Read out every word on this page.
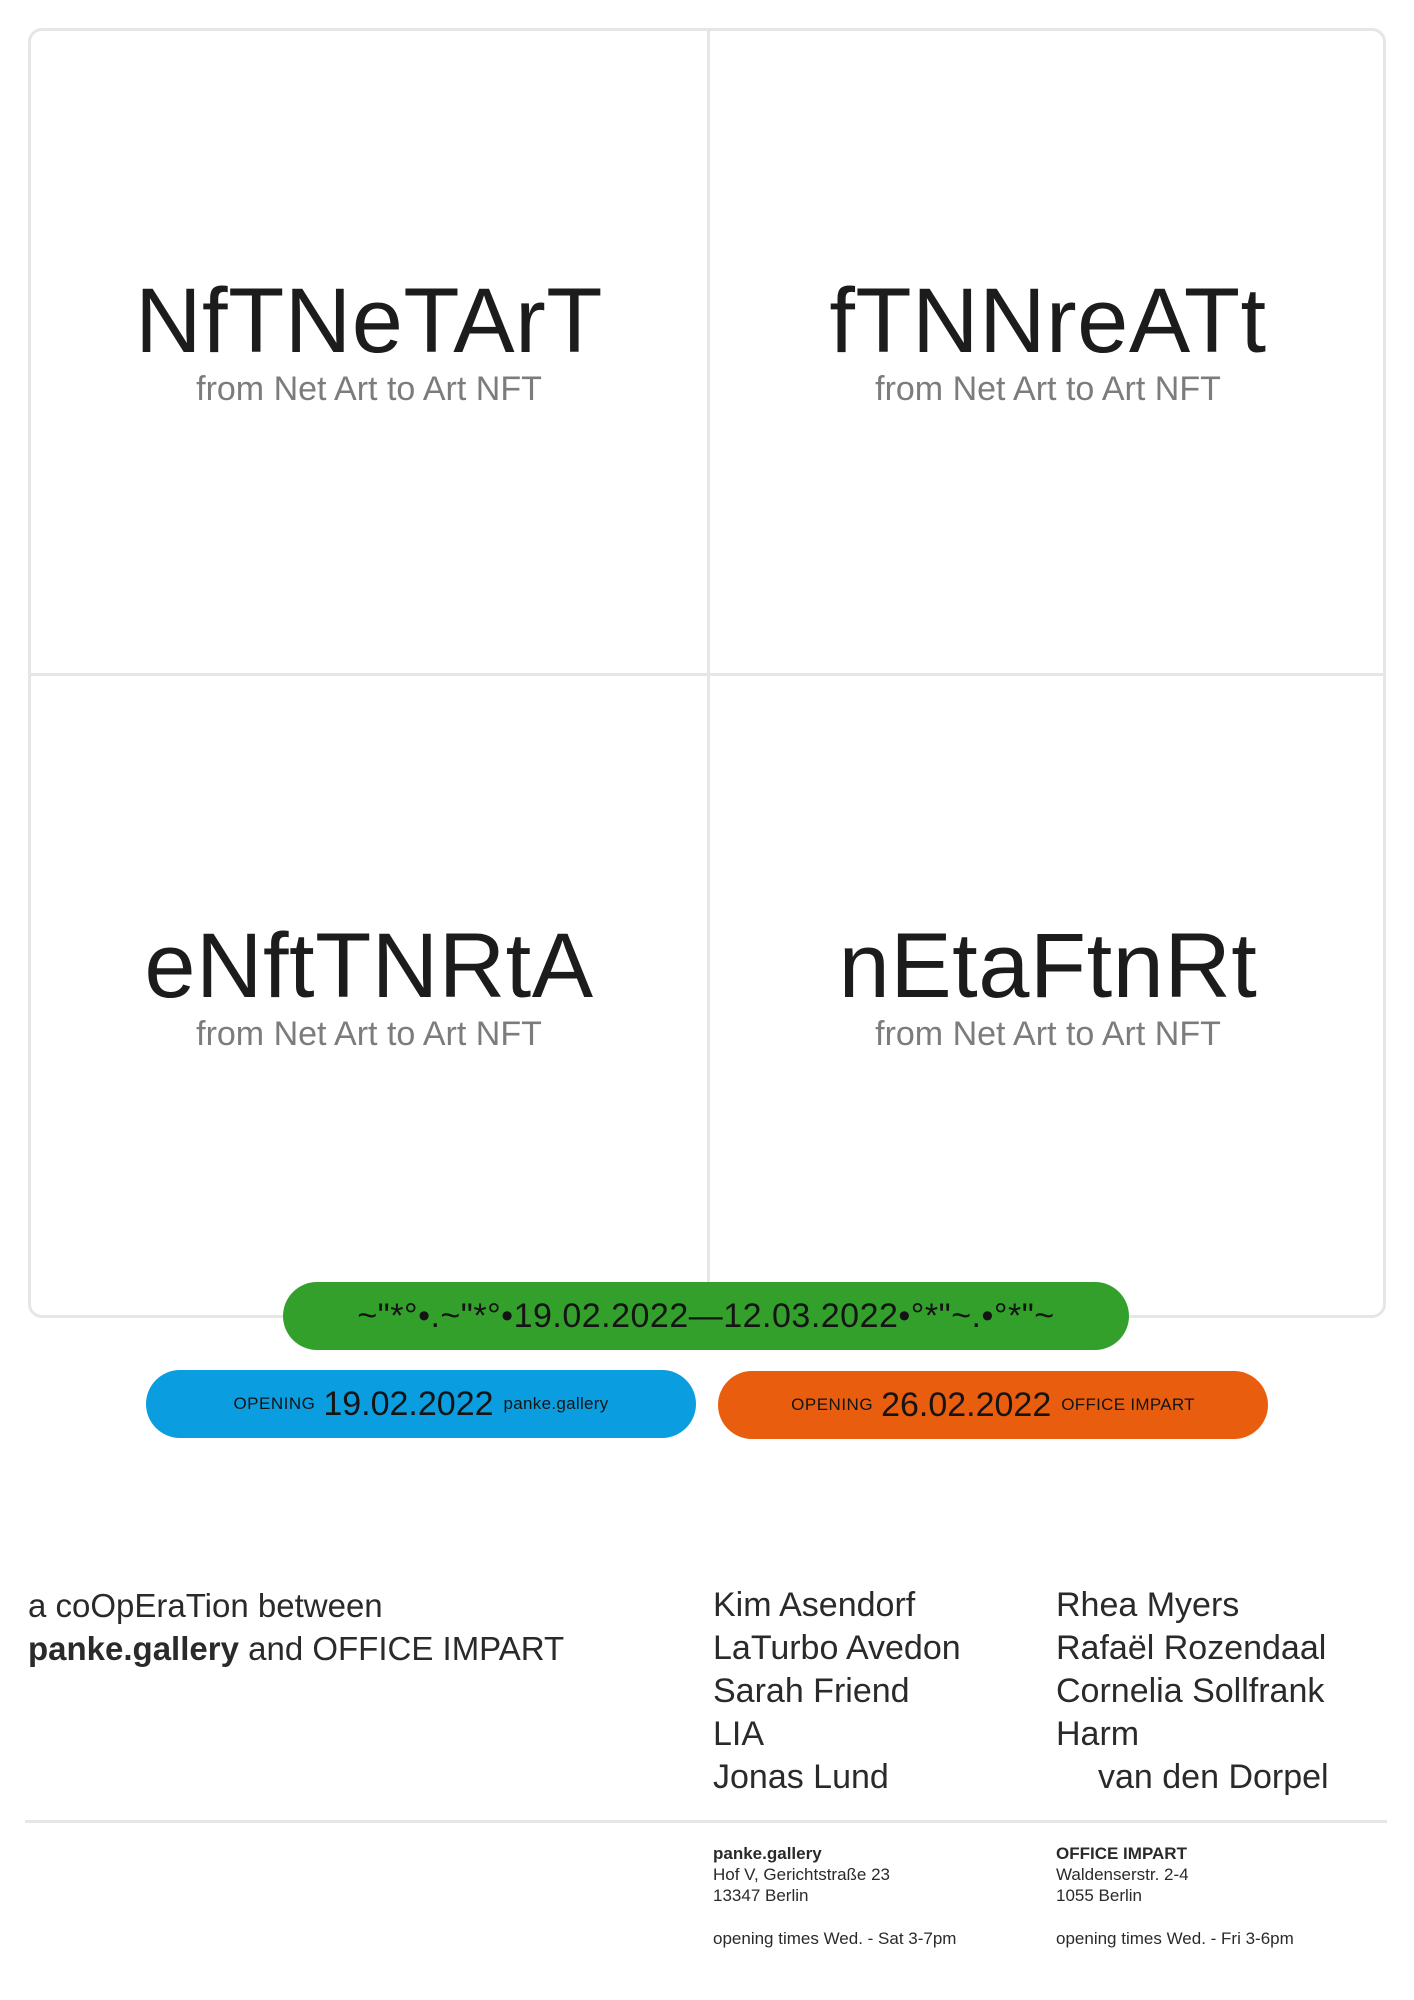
NfTNeTArT
from Net Art to Art NFT
fTNNreATt
from Net Art to Art NFT
eNftTNRtA
from Net Art to Art NFT
nEtaFtnRt
from Net Art to Art NFT
~"*°•.~"*°•19.02.2022—12.03.2022•°*"~.•°*"~
OPENING 19.02.2022 panke.gallery	OPENING 26.02.2022 OFFICE IMPART
a coOpEraTion between
panke.gallery and OFFICE IMPART
Kim Asendorf
LaTurbo Avedon
Sarah Friend
LIA
Jonas Lund
Rhea Myers
Rafaël Rozendaal
Cornelia Sollfrank
Harm
van den Dorpel
panke.gallery
Hof V, Gerichtstraße 23
13347 Berlin
opening times Wed. - Sat 3-7pm
OFFICE IMPART
Waldenserstr. 2-4
1055 Berlin
opening times Wed. - Fri 3-6pm
